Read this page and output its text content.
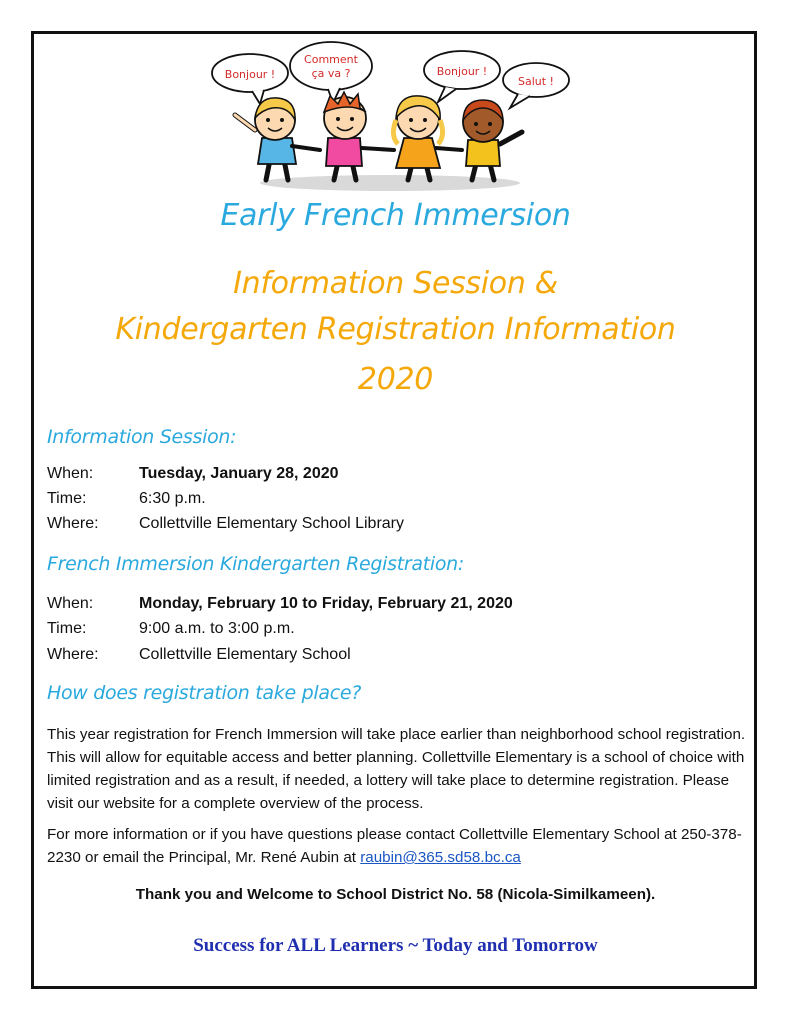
Bonjour !
Comment
ça va ?	Bonjour !
Salut !
Early French Immersion
Information Session &
Kindergarten Registration Information
2020
Information Session:
When:	Tuesday, January 28, 2020
Time:	6:30 p.m.
Where:	Collettville Elementary School Library
French Immersion Kindergarten Registration:
When:	Monday, February 10 to Friday, February 21, 2020
Time:	9:00 a.m. to 3:00 p.m.
Where:	Collettville Elementary School
How does registration take place?
This year registration for French Immersion will take place earlier than neighborhood school registration. This will allow for equitable access and better planning. Collettville Elementary is a school of choice with limited registration and as a result, if needed, a lottery will take place to determine registration. Please visit our website for a complete overview of the process.
For more information or if you have questions please contact Collettville Elementary School at 250-378-2230 or email the Principal, Mr. René Aubin at raubin@365.sd58.bc.ca
Thank you and Welcome to School District No. 58 (Nicola-Similkameen).
Success for ALL Learners ~ Today and Tomorrow
